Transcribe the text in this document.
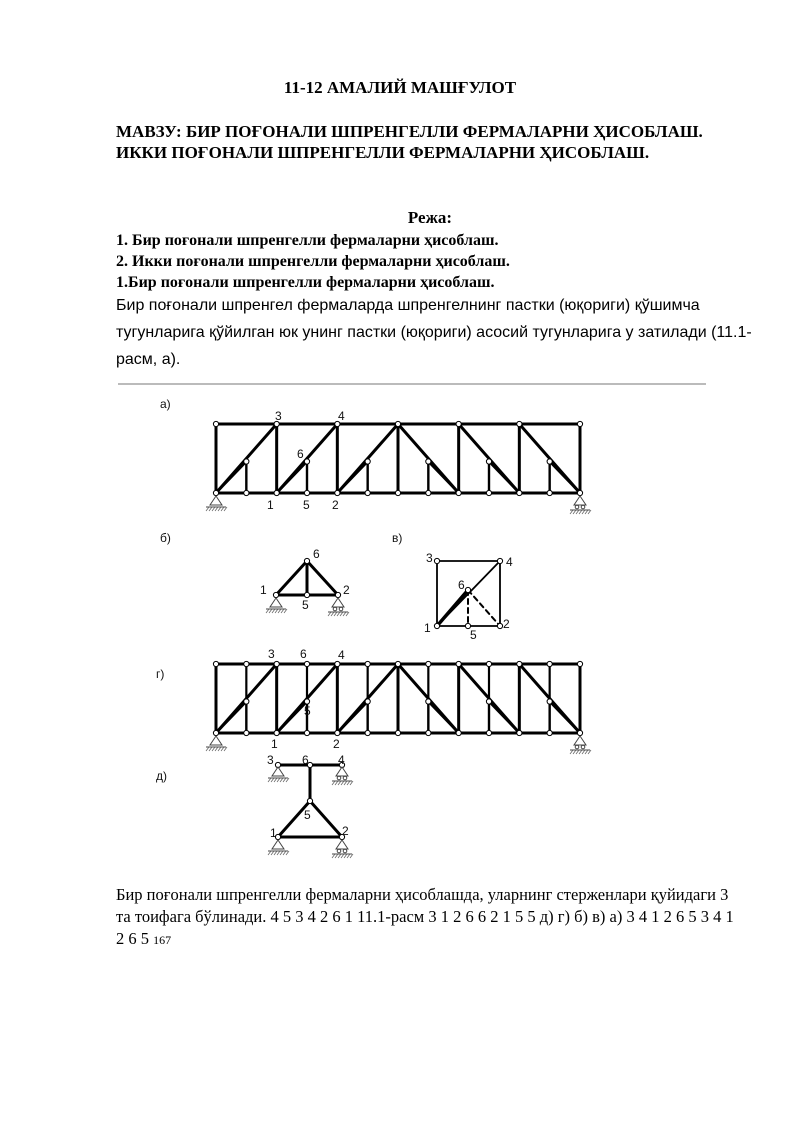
11-12 АМАЛИЙ МАШҒУЛОТ
МАВЗУ: БИР ПОҒОНАЛИ ШПРЕНГЕЛЛИ ФЕРМАЛАРНИ ҲИСОБЛАШ.
ИККИ ПОҒОНАЛИ ШПРЕНГЕЛЛИ ФЕРМАЛАРНИ ҲИСОБЛАШ.
Режа:
1. Бир поғонали шпренгелли фермаларни ҳисоблаш.
2. Икки поғонали шпренгелли фермаларни ҳисоблаш.
1.Бир поғонали шпренгелли фермаларни ҳисоблаш.
Бир поғонали шпренгел фермаларда шпренгелнинг пастки (юқориги) қўшимча тугунларига қўйилган юк унинг пастки (юқориги) асосий тугунларига у затилади (11.1-расм, а).
а)
б)	в)
г)
д)
3	4
6
1 5 2
6
1	2
5
3	4
6
1	5
2
3 6	4
5
1	2
3 6 4
5
1	2
Бир поғонали шпренгелли фермаларни ҳисоблашда, уларнинг стерженлари қуйидаги 3 та тоифага бўлинади. 4 5 3 4 2 6 1 11.1-расм 3 1 2 6 6 2 1 5 5 д) г) б) в) а) 3 4 1 2 6 5 3 4 1 2 6 5 167
